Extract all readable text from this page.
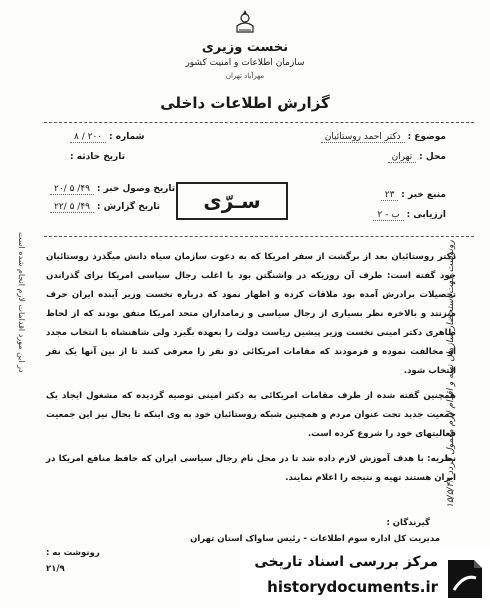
نخست وزیری
سازمان اطلاعات و امنیت کشور
مهرآباد تهران
گزارش اطلاعات داخلی
موضوع : دکتر احمد روستائیان
محل : تهران
منبع خبر : ۲۳
ارزیابی : ب - ۲
شماره : ۲۰۰ / ۸
تاریخ حادثه :
تاریخ وصول خبر : ۴۹/ ۵ /۲۰
تاریخ گزارش : ۴۹/ ۵ /۲۲	سـرّی

دکتر روستائیان بعد از برگشت از سفر امریکا که به دعوت سازمان سیاه دانش میگذرد روستائیان خود گفته است: طرف آن روزیکه در واشنگتن بود با اغلب رجال سیاسی امریکا برای گذراندن تحصیلات برادرش آمده بود ملاقات کرده و اظهار نمود که درباره نخست وزیر آینده ایران حرف میزنند و بالاخره نظر بسیاری از رجال سیاسی و زمامداران متحد امریکا متفق بودند که از لحاظ ظاهری دکتر امینی نخست وزیر پیشین ریاست دولت را بعهده بگیرد ولی شاهنشاه با انتخاب مجدد او مخالفت نموده و فرمودند که مقامات امریکائی دو نفر را معرفی کنند تا از بین آنها یک نفر انتخاب شود.

همچنین گفته شده از طرف مقامات امریکائی به دکتر امینی توصیه گردیده که مشغول ایجاد یک جمعیت جدید تحت عنوان مردم و همچنین شبکه روستائیان خود به وی اینکه تا بحال نیز این جمعیت فعالیتهای خود را شروع کرده است.

نظریه: با هدف آموزش لازم داده شد تا در محل نام رجال سیاسی ایران که حافظ منافع امریکا در ایران هستند تهیه و نتیجه را اعلام نمایند.

رونوشت جهت استحضار سازمان تهیه و اقدام لازم معمول گردد ۱۵/۵/۴۹
در این مورد اقدامات لازم انجام شده است
گیرندگان :
مدیریت کل اداره سوم اطلاعات - رئیس ساواک استان تهران
رونوشت به :
۲۱/۹	مرکز بررسی اسناد تاریخی
historydocuments.ir
